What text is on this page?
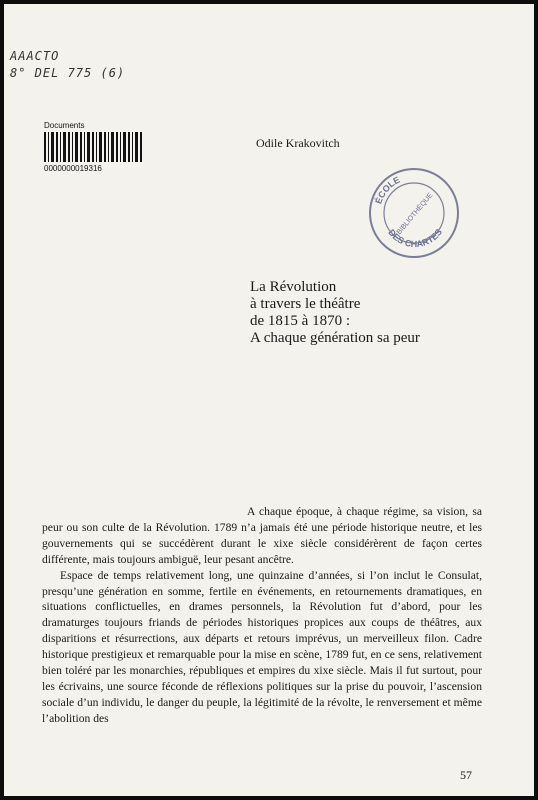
AAACTO
8° DEL 775 (6)
Documents
0000000019316
Odile Krakovitch
ÉCOLE
DES CHARTES
BIBLIOTHÈQUE
La Révolution
à travers le théâtre
de 1815 à 1870 :
A chaque génération sa peur

A chaque époque, à chaque régime, sa vision, sa peur ou son culte de la Révolution. 1789 n’a jamais été une période historique neutre, et les gouvernements qui se succédèrent durant le xixe siècle considérèrent de façon certes différente, mais toujours ambiguë, leur pesant ancêtre.

Espace de temps relativement long, une quinzaine d’années, si l’on inclut le Consulat, presqu’une génération en somme, fertile en événements, en retournements dramatiques, en situations conflictuelles, en drames personnels, la Révolution fut d’abord, pour les dramaturges toujours friands de périodes historiques propices aux coups de théâtres, aux disparitions et résurrections, aux départs et retours imprévus, un merveilleux filon. Cadre historique prestigieux et remarquable pour la mise en scène, 1789 fut, en ce sens, relativement bien toléré par les monarchies, républiques et empires du xixe siècle. Mais il fut surtout, pour les écrivains, une source féconde de réflexions politiques sur la prise du pouvoir, l’ascension sociale d’un individu, le danger du peuple, la légitimité de la révolte, le renversement et même l’abolition des

57
